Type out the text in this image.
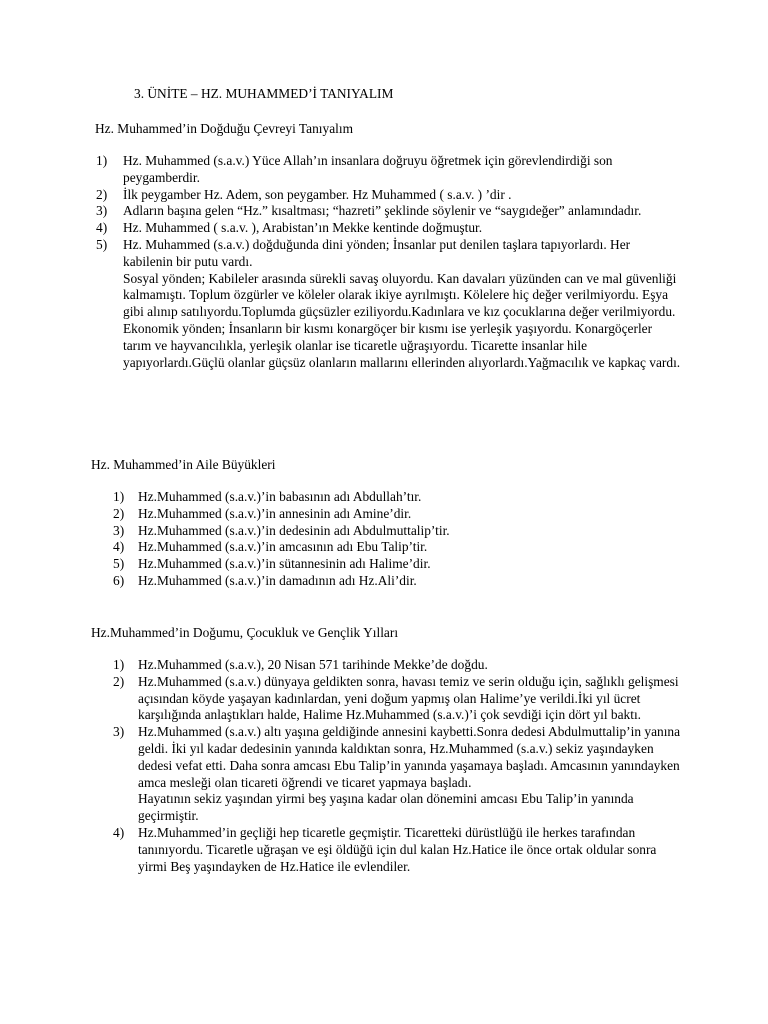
3. ÜNİTE – HZ. MUHAMMED’İ TANIYALIM
Hz. Muhammed’in Doğduğu Çevreyi Tanıyalım
1) Hz. Muhammed (s.a.v.) Yüce Allah’ın insanlara doğruyu öğretmek için görevlendirdiği son peygamberdir.

2) İlk peygamber Hz. Adem, son peygamber. Hz Muhammed ( s.a.v. ) ’dir .

3) Adların başına gelen “Hz.” kısaltması; “hazreti” şeklinde söylenir ve “saygıdeğer” anlamındadır.

4) Hz. Muhammed ( s.a.v. ), Arabistan’ın Mekke kentinde doğmuştur.

5) Hz. Muhammed (s.a.v.) doğduğunda dini yönden; İnsanlar put denilen taşlara tapıyorlardı. Her kabilenin bir putu vardı.

Sosyal yönden; Kabileler arasında sürekli savaş oluyordu. Kan davaları yüzünden can ve mal güvenliği kalmamıştı. Toplum özgürler ve köleler olarak ikiye ayrılmıştı. Kölelere hiç değer verilmiyordu. Eşya gibi alınıp satılıyordu.Toplumda güçsüzler eziliyordu.Kadınlara ve kız çocuklarına değer verilmiyordu.

Ekonomik yönden; İnsanların bir kısmı konargöçer bir kısmı ise yerleşik yaşıyordu. Konargöçerler tarım ve hayvancılıkla, yerleşik olanlar ise ticaretle uğraşıyordu. Ticarette insanlar hile yapıyorlardı.Güçlü olanlar güçsüz olanların mallarını ellerinden alıyorlardı.Yağmacılık ve kapkaç vardı.

Hz. Muhammed’in Aile Büyükleri
1) Hz.Muhammed (s.a.v.)’in babasının adı Abdullah’tır.

2) Hz.Muhammed (s.a.v.)’in annesinin adı Amine’dir.

3) Hz.Muhammed (s.a.v.)’in dedesinin adı Abdulmuttalip’tir.

4) Hz.Muhammed (s.a.v.)’in amcasının adı Ebu Talip’tir.

5) Hz.Muhammed (s.a.v.)’in sütannesinin adı Halime’dir.

6) Hz.Muhammed (s.a.v.)’in damadının adı Hz.Ali’dir.

Hz.Muhammed’in Doğumu, Çocukluk ve Gençlik Yılları
1) Hz.Muhammed (s.a.v.), 20 Nisan 571 tarihinde Mekke’de doğdu.

2) Hz.Muhammed (s.a.v.) dünyaya geldikten sonra, havası temiz ve serin olduğu için, sağlıklı gelişmesi açısından köyde yaşayan kadınlardan, yeni doğum yapmış olan Halime’ye verildi.İki yıl ücret karşılığında anlaştıkları halde, Halime Hz.Muhammed (s.a.v.)’i çok sevdiği için dört yıl baktı.

3) Hz.Muhammed (s.a.v.) altı yaşına geldiğinde annesini kaybetti.Sonra dedesi Abdulmuttalip’in yanına geldi. İki yıl kadar dedesinin yanında kaldıktan sonra, Hz.Muhammed (s.a.v.) sekiz yaşındayken dedesi vefat etti. Daha sonra amcası Ebu Talip’in yanında yaşamaya başladı. Amcasının yanındayken amca mesleği olan ticareti öğrendi ve ticaret yapmaya başladı.

Hayatının sekiz yaşından yirmi beş yaşına kadar olan dönemini amcası Ebu Talip’in yanında geçirmiştir.

4) Hz.Muhammed’in geçliği hep ticaretle geçmiştir. Ticaretteki dürüstlüğü ile herkes tarafından tanınıyordu. Ticaretle uğraşan ve eşi öldüğü için dul kalan Hz.Hatice ile önce ortak oldular sonra yirmi Beş yaşındayken de Hz.Hatice ile evlendiler.
